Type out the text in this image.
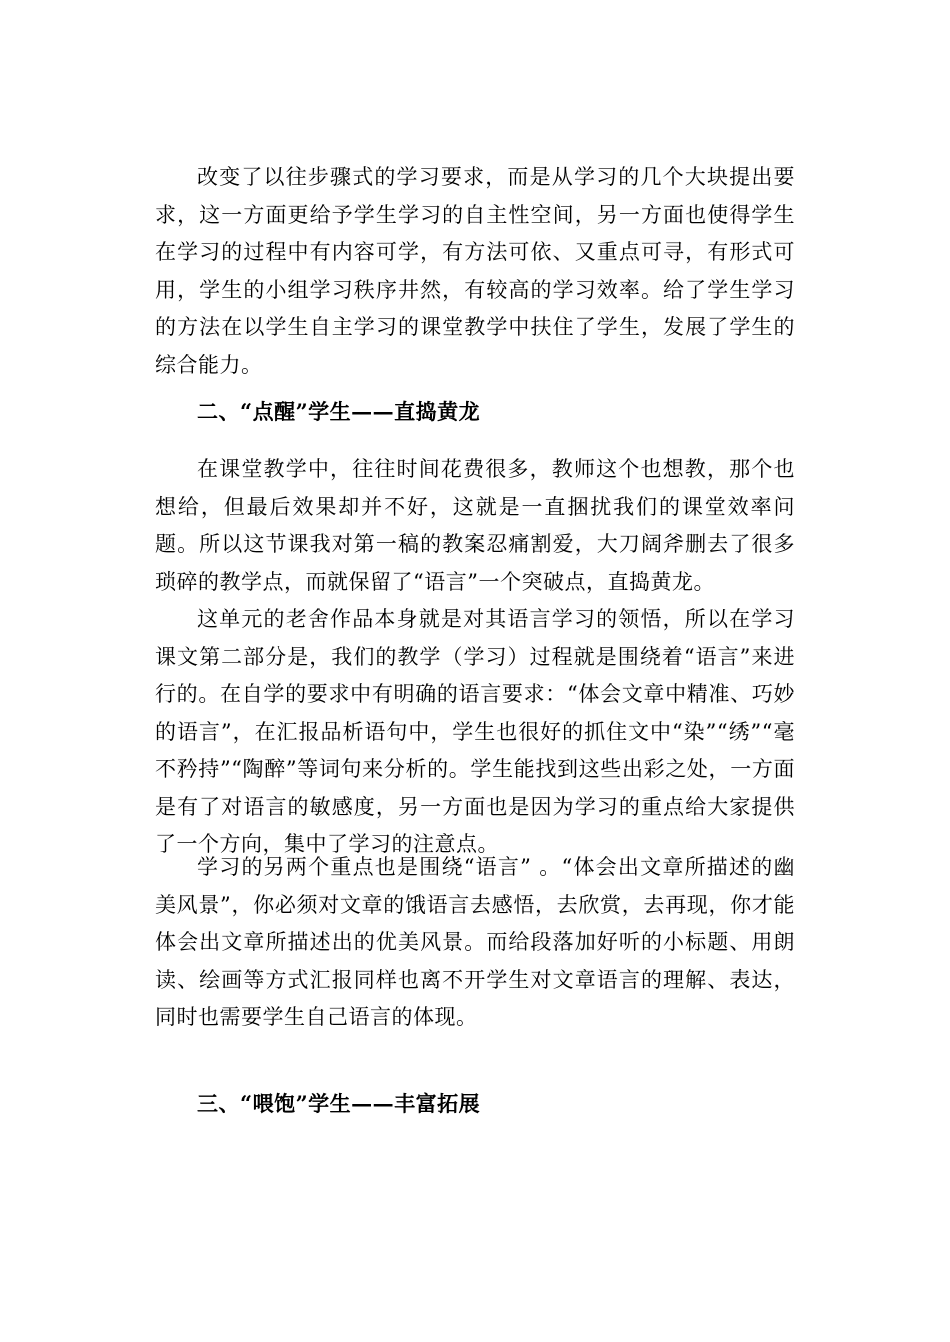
改变了以往步骤式的学习要求，而是从学习的几个大块提出要求，这一方面更给予学生学习的自主性空间，另一方面也使得学生在学习的过程中有内容可学，有方法可依、又重点可寻，有形式可用，学生的小组学习秩序井然，有较高的学习效率。给了学生学习的方法在以学生自主学习的课堂教学中扶住了学生，发展了学生的综合能力。

二、“点醒”学生——直捣黄龙

在课堂教学中，往往时间花费很多，教师这个也想教，那个也想给，但最后效果却并不好，这就是一直捆扰我们的课堂效率问题。所以这节课我对第一稿的教案忍痛割爱，大刀阔斧删去了很多琐碎的教学点，而就保留了“语言”一个突破点，直捣黄龙。

这单元的老舍作品本身就是对其语言学习的领悟，所以在学习课文第二部分是，我们的教学（学习）过程就是围绕着“语言”来进行的。在自学的要求中有明确的语言要求：“体会文章中精准、巧妙的语言”，在汇报品析语句中，学生也很好的抓住文中“染”“绣”“毫不矜持”“陶醉”等词句来分析的。学生能找到这些出彩之处，一方面是有了对语言的敏感度，另一方面也是因为学习的重点给大家提供了一个方向，集中了学习的注意点。

学习的另两个重点也是围绕“语言” 。“体会出文章所描述的幽美风景”，你必须对文章的饿语言去感悟，去欣赏，去再现，你才能体会出文章所描述出的优美风景。而给段落加好听的小标题、用朗读、绘画等方式汇报同样也离不开学生对文章语言的理解、表达，同时也需要学生自己语言的体现。

三、“喂饱”学生——丰富拓展
